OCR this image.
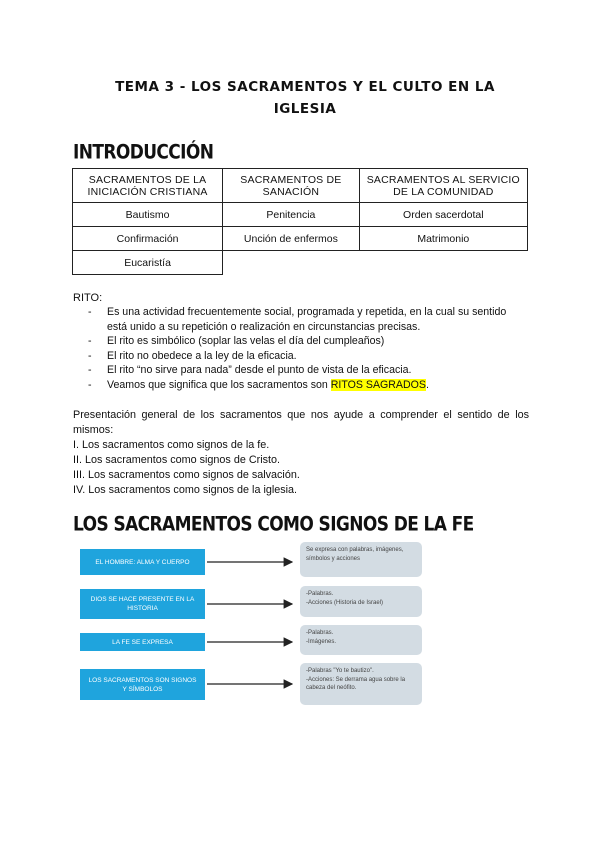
TEMA 3 - LOS SACRAMENTOS Y EL CULTO EN LA IGLESIA
INTRODUCCIÓN
SACRAMENTOS DE LA INICIACIÓN CRISTIANA	SACRAMENTOS DE SANACIÓN	SACRAMENTOS AL SERVICIO DE LA COMUNIDAD
Bautismo	Penitencia	Orden sacerdotal
Confirmación	Unción de enfermos	Matrimonio
Eucaristía		
RITO:
- Es una actividad frecuentemente social, programada y repetida, en la cual su sentido está unido a su repetición o realización en circunstancias precisas.
- El rito es simbólico (soplar las velas el día del cumpleaños)
- El rito no obedece a la ley de la eficacia.
- El rito “no sirve para nada” desde el punto de vista de la eficacia.
- Veamos que significa que los sacramentos son RITOS SAGRADOS.
Presentación general de los sacramentos que nos ayude a comprender el sentido de los mismos:
I. Los sacramentos como signos de la fe.
II. Los sacramentos como signos de Cristo.
III. Los sacramentos como signos de salvación.
IV. Los sacramentos como signos de la iglesia.
LOS SACRAMENTOS COMO SIGNOS DE LA FE
EL HOMBRE: ALMA Y CUERPO
DIOS SE HACE PRESENTE EN LA HISTORIA
LA FE SE EXPRESA
LOS SACRAMENTOS SON SIGNOS Y SÍMBOLOS
Se expresa con palabras, imágenes, símbolos y acciones
-Palabras.
-Acciones (Historia de Israel)
-Palabras.
-Imágenes.
-Palabras "Yo te bautizo".
-Acciones: Se derrama agua sobre la cabeza del neófito.
